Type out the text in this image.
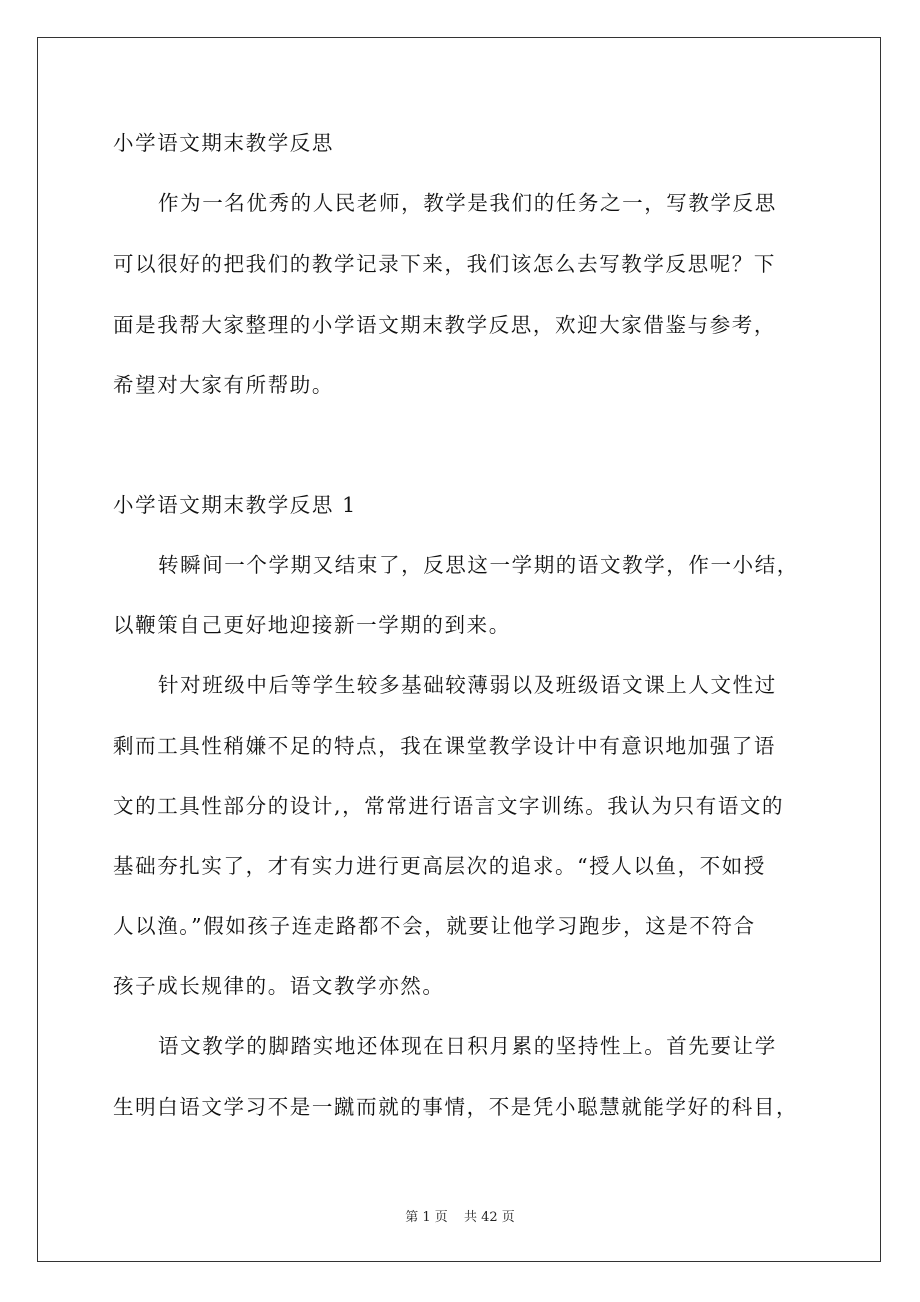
小学语文期末教学反思
作为一名优秀的人民老师，教学是我们的任务之一，写教学反思
可以很好的把我们的教学记录下来，我们该怎么去写教学反思呢？下
面是我帮大家整理的小学语文期末教学反思，欢迎大家借鉴与参考，
希望对大家有所帮助。
小学语文期末教学反思 1
转瞬间一个学期又结束了，反思这一学期的语文教学，作一小结，
以鞭策自己更好地迎接新一学期的到来。
针对班级中后等学生较多基础较薄弱以及班级语文课上人文性过
剩而工具性稍嫌不足的特点，我在课堂教学设计中有意识地加强了语
文的工具性部分的设计,，常常进行语言文字训练。我认为只有语文的
基础夯扎实了，才有实力进行更高层次的追求。“授人以鱼，不如授
人以渔。”假如孩子连走路都不会，就要让他学习跑步，这是不符合
孩子成长规律的。语文教学亦然。
语文教学的脚踏实地还体现在日积月累的坚持性上。首先要让学
生明白语文学习不是一蹴而就的事情，不是凭小聪慧就能学好的科目，
第 1 页 共 42 页
